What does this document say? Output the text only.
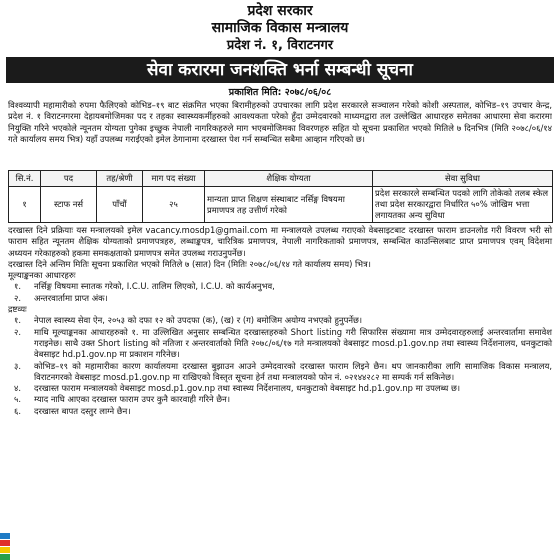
प्रदेश सरकार
सामाजिक विकास मन्त्रालय
प्रदेश नं. १, विराटनगर
सेवा करारमा जनशक्ति भर्ना सम्बन्धी सूचना
प्रकाशित मिति: २०७८/०६/०८
विश्वव्यापी महामारीको रुपमा फैलिएको कोभिड–१९ बाट संक्रमित भएका बिरामीहरुको उपचारका लागि प्रदेश सरकारले सञ्चालन गरेको कोशी अस्पताल, कोभिड–१९ उपचार केन्द्र, प्रदेश नं. १ विराटनगरमा देहायबमोजिमका पद र तहका स्वास्थ्यकर्मीहरुको आवश्यकता परेको हुँदा उम्मेदवारको माध्यमद्वारा तल उल्लेखित आधारहरु समेतका आधारमा सेवा करारमा नियुक्ति गरिने भएकोले न्यूनतम योग्यता पुगेका इच्छुक नेपाली नागरिकहरुले माग भएबमोजिमका विवरणहरु सहित यो सूचना प्रकाशित भएको मितिले ७ दिनभित्र (मिति २०७८/०६/१४ गते कार्यालय समय भित्र) यहाँ उपलब्ध गराईएको इमेल ठेगानामा दरखास्त पेश गर्न सम्बन्धित सबैमा आव्हान गरिएको छ।
सि.नं.	पद	तह/श्रेणी	माग पद संख्या	शैक्षिक योग्यता	सेवा सुविधा
१	स्टाफ नर्स	पाँचौं	२५	मान्यता प्राप्त शिक्षण संस्थाबाट नर्सिङ्ग विषयमा प्रमाणपत्र तह उत्तीर्ण गरेको	प्रदेश सरकारले सम्बन्धित पदको लागि तोकेको तलब स्केल तथा प्रदेश सरकारद्वारा निर्धारित ५०% जोखिम भत्ता लगायतका अन्य सुविधा

दरखास्त दिने प्रक्रियाः यस मन्त्रालयको इमेल vacancy.mosdp1@gmail.com मा मन्त्रालयले उपलब्ध गराएको वेबसाइटबाट दरखास्त फाराम डाउनलोड गरी विवरण भरी सो फाराम सहित न्यूनतम शैक्षिक योग्यताको प्रमाणपत्रहरु, लब्धाङ्कपत्र, चारित्रिक प्रमाणपत्र, नेपाली नागरिकताको प्रमाणपत्र, सम्बन्धित काउन्सिलबाट प्राप्त प्रमाणपत्र एवम् विदेशमा अध्ययन गरेकाहरुको हकमा समकक्षताको प्रमाणपत्र समेत उपलब्ध गराउनुपर्नेछ।

दरखास्त दिने अन्तिम मितिः सूचना प्रकाशित भएको मितिले ७ (सात) दिन (मितिः २०७८/०६/१४ गते कार्यालय समय) भित्र।

मूल्याङ्कनका आधारहरुः

१.	नर्सिङ्ग विषयमा स्नातक गरेको, I.C.U. तालिम लिएको, I.C.U. को कार्यअनुभव,
२.	अन्तरवार्तामा प्राप्त अंक।

द्रष्टव्यः

१.	नेपाल स्वास्थ्य सेवा ऐन, २०५३ को दफा १२ को उपदफा (क), (ख) र (ग) बमोजिम अयोग्य नभएको हुनुपर्नेछ।
२.	माथि मूल्याङ्कनका आधारहरुको १. मा उल्लिखित अनुसार सम्बन्धित दरखास्तहरुको Short listing गरी सिफारिस संख्यामा मात्र उम्मेदवारहरुलाई अन्तरवार्तामा समावेश गराइनेछ। साथै उक्त Short listing को नतिजा र अन्तरवार्ताको मिति २०७८/०६/१७ गते मन्त्रालयको वेबसाइट mosd.p1.gov.np तथा स्वास्थ्य निर्देशनालय, धनकुटाको वेबसाइट hd.p1.gov.np मा प्रकाशन गरिनेछ।
३.	कोभिड–१९ को महामारीका कारण कार्यालयमा दरखास्त बुझाउन आउने उम्मेदवारको दरखास्त फाराम लिइने छैन। थप जानकारीका लागि सामाजिक विकास मन्त्रालय, विराटनगरको वेबसाइट mosd.p1.gov.np मा राखिएको विस्तृत सूचना हेर्न तथा मन्त्रालयको फोन नं. ०२१४४२८२ मा सम्पर्क गर्न सकिनेछ।
४.	दरखास्त फाराम मन्त्रालयको वेबसाइट mosd.p1.gov.np तथा स्वास्थ्य निर्देशनालय, धनकुटाको वेबसाइट hd.p1.gov.np मा उपलब्ध छ।
५.	म्याद नाघि आएका दरखास्त फाराम उपर कुनै कारवाही गरिने छैन।
६.	दरखास्त बापत दस्तुर लाग्ने छैन।
